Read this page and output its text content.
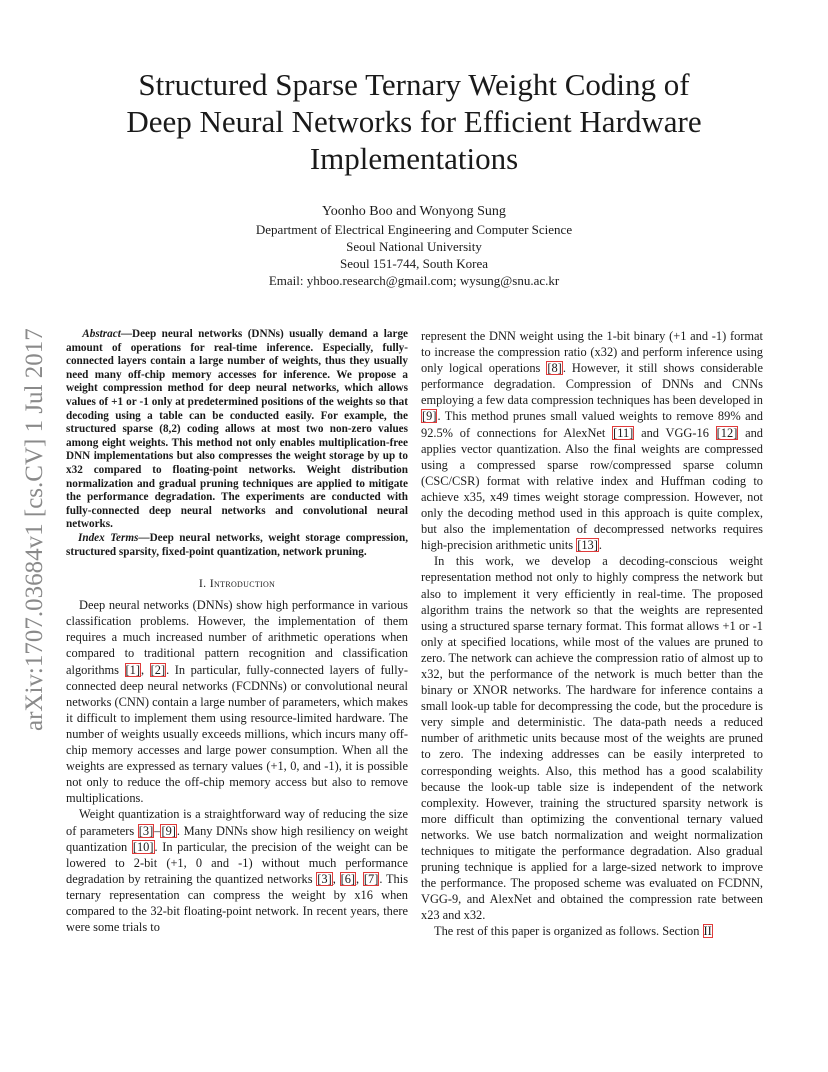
arXiv:1707.03684v1 [cs.CV] 1 Jul 2017
Structured Sparse Ternary Weight Coding of
Deep Neural Networks for Efficient Hardware
Implementations
Yoonho Boo and Wonyong Sung
Department of Electrical Engineering and Computer Science
Seoul National University
Seoul 151-744, South Korea
Email: yhboo.research@gmail.com; wysung@snu.ac.kr

Abstract—Deep neural networks (DNNs) usually demand a large amount of operations for real-time inference. Especially, fully-connected layers contain a large number of weights, thus they usually need many off-chip memory accesses for inference. We propose a weight compression method for deep neural networks, which allows values of +1 or -1 only at predetermined positions of the weights so that decoding using a table can be conducted easily. For example, the structured sparse (8,2) coding allows at most two non-zero values among eight weights. This method not only enables multiplication-free DNN implementations but also compresses the weight storage by up to x32 compared to floating-point networks. Weight distribution normalization and gradual pruning techniques are applied to mitigate the performance degradation. The experiments are conducted with fully-connected deep neural networks and convolutional neural networks.

Index Terms—Deep neural networks, weight storage compression, structured sparsity, fixed-point quantization, network pruning.

I. Introduction

Deep neural networks (DNNs) show high performance in various classification problems. However, the implementation of them requires a much increased number of arithmetic operations when compared to traditional pattern recognition and classification algorithms [1], [2]. In particular, fully-connected layers of fully-connected deep neural networks (FCDNNs) or convolutional neural networks (CNN) contain a large number of parameters, which makes it difficult to implement them using resource-limited hardware. The number of weights usually exceeds millions, which incurs many off-chip memory accesses and large power consumption. When all the weights are expressed as ternary values (+1, 0, and -1), it is possible not only to reduce the off-chip memory access but also to remove multiplications.

Weight quantization is a straightforward way of reducing the size of parameters [3]–[9]. Many DNNs show high resiliency on weight quantization [10]. In particular, the precision of the weight can be lowered to 2-bit (+1, 0 and -1) without much performance degradation by retraining the quantized networks [3], [6], [7]. This ternary representation can compress the weight by x16 when compared to the 32-bit floating-point network. In recent years, there were some trials to

represent the DNN weight using the 1-bit binary (+1 and -1) format to increase the compression ratio (x32) and perform inference using only logical operations [8]. However, it still shows considerable performance degradation. Compression of DNNs and CNNs employing a few data compression techniques has been developed in [9]. This method prunes small valued weights to remove 89% and 92.5% of connections for AlexNet [11] and VGG-16 [12] and applies vector quantization. Also the final weights are compressed using a compressed sparse row/compressed sparse column (CSC/CSR) format with relative index and Huffman coding to achieve x35, x49 times weight storage compression. However, not only the decoding method used in this approach is quite complex, but also the implementation of decompressed networks requires high-precision arithmetic units [13].

In this work, we develop a decoding-conscious weight representation method not only to highly compress the network but also to implement it very efficiently in real-time. The proposed algorithm trains the network so that the weights are represented using a structured sparse ternary format. This format allows +1 or -1 only at specified locations, while most of the values are pruned to zero. The network can achieve the compression ratio of almost up to x32, but the performance of the network is much better than the binary or XNOR networks. The hardware for inference contains a small look-up table for decompressing the code, but the procedure is very simple and deterministic. The data-path needs a reduced number of arithmetic units because most of the weights are pruned to zero. The indexing addresses can be easily interpreted to corresponding weights. Also, this method has a good scalability because the look-up table size is independent of the network complexity. However, training the structured sparsity network is more difficult than optimizing the conventional ternary valued networks. We use batch normalization and weight normalization techniques to mitigate the performance degradation. Also gradual pruning technique is applied for a large-sized network to improve the performance. The proposed scheme was evaluated on FCDNN, VGG-9, and AlexNet and obtained the compression rate between x23 and x32.

The rest of this paper is organized as follows. Section II
